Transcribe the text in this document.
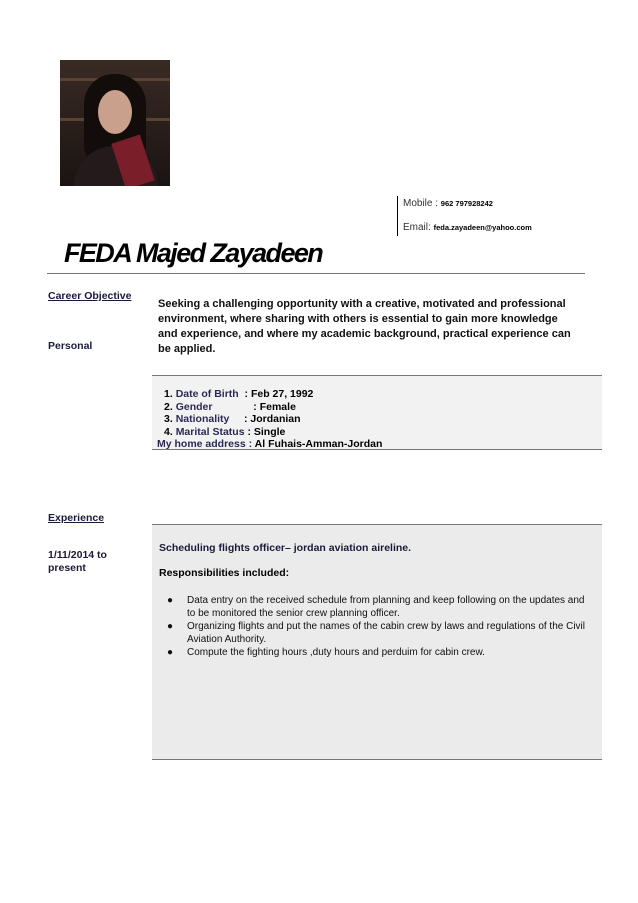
Mobile : 962 797928242
Email: feda.zayadeen@yahoo.com
FEDA Majed Zayadeen
Career Objective
Personal
Experience
1/11/2014 to
present
Seeking a challenging opportunity with a creative, motivated and professional environment, where sharing with others is essential to gain more knowledge and experience, and where my academic background, practical experience can be applied.
1. Date of Birth  : Feb 27, 1992
2. Gender              : Female
3. Nationality     : Jordanian
4. Marital Status : Single
My home address : Al Fuhais-Amman-Jordan
Scheduling flights officer– jordan aviation aireline.
Responsibilities included:
● Data entry on the received schedule from planning and keep following on the updates and to be monitored the senior crew planning officer.
● Organizing flights and put the names of the cabin crew by laws and regulations of the Civil Aviation Authority.
● Compute the fighting hours ,duty hours and perduim for cabin crew.
